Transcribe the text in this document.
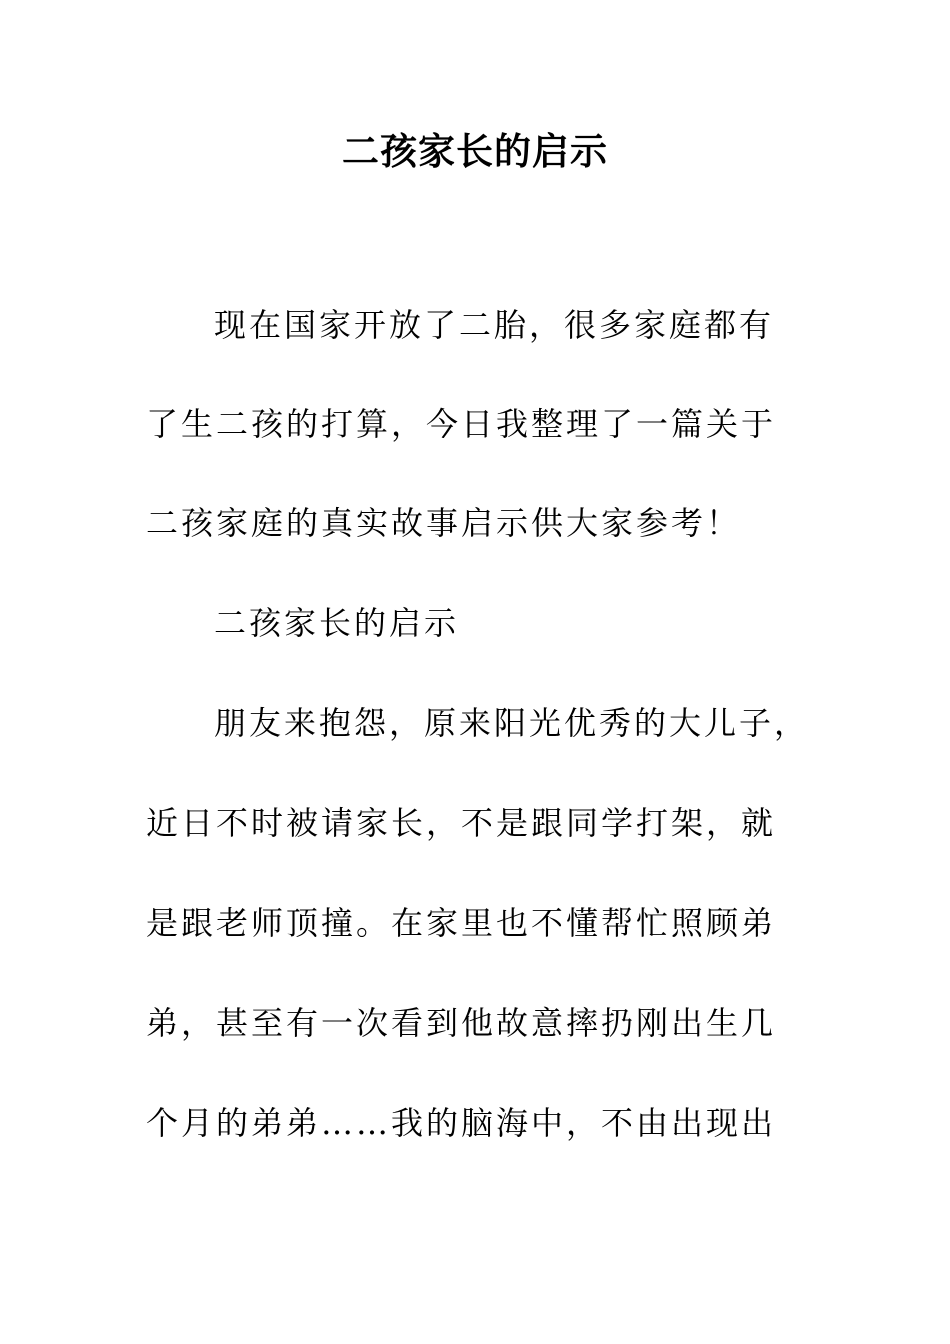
二孩家长的启示

现在国家开放了二胎，很多家庭都有

了生二孩的打算，今日我整理了一篇关于

二孩家庭的真实故事启示供大家参考！

二孩家长的启示

朋友来抱怨，原来阳光优秀的大儿子，

近日不时被请家长，不是跟同学打架，就

是跟老师顶撞。在家里也不懂帮忙照顾弟

弟，甚至有一次看到他故意摔扔刚出生几

个月的弟弟……我的脑海中，不由出现出
